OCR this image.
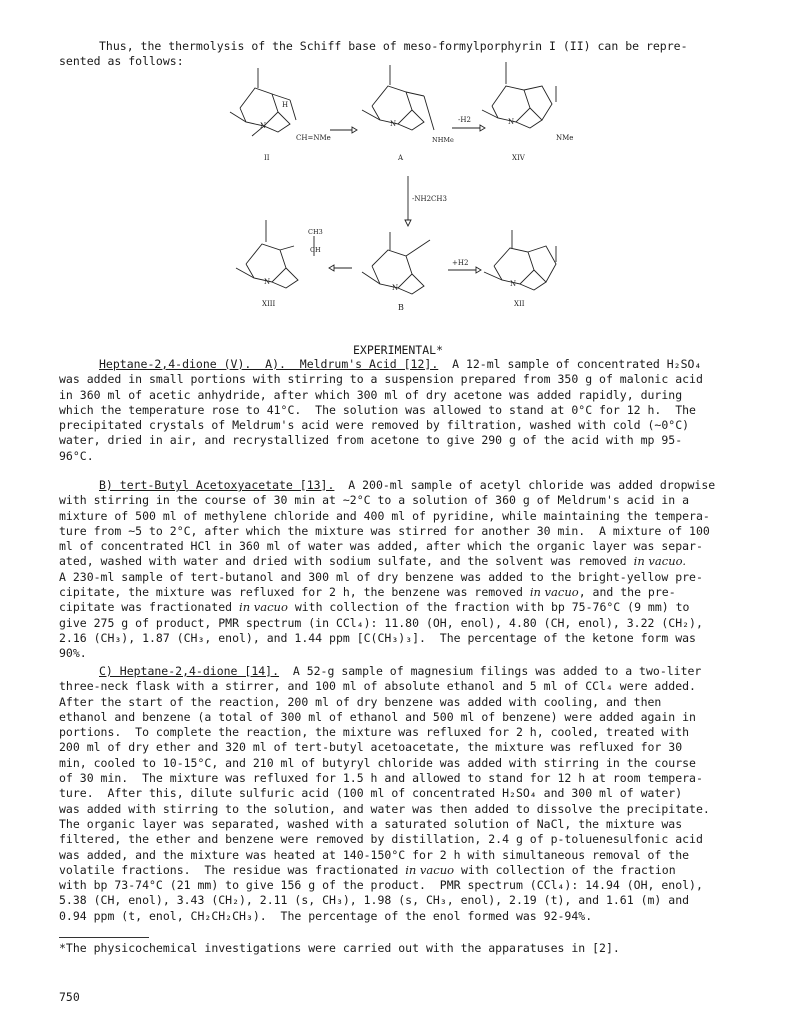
Thus, the thermolysis of the Schiff base of meso-formylporphyrin I (II) can be repre-
sented as follows:
H
N
CH=NMe
II
N
NHMe
A
-H2	N
NMe
XIV
-NH2CH3
CH3
CH
N
XIII
N
B
+H2
N
XII
EXPERIMENTAL*
Heptane-2,4-dione (V).  A).  Meldrum's Acid [12].  A 12-ml sample of concentrated H₂SO₄
was added in small portions with stirring to a suspension prepared from 350 g of malonic acid
in 360 ml of acetic anhydride, after which 300 ml of dry acetone was added rapidly, during
which the temperature rose to 41°C.  The solution was allowed to stand at 0°C for 12 h.  The
precipitated crystals of Meldrum's acid were removed by filtration, washed with cold (~0°C)
water, dried in air, and recrystallized from acetone to give 290 g of the acid with mp 95-
96°C.
B) tert-Butyl Acetoxyacetate [13].  A 200-ml sample of acetyl chloride was added dropwise
with stirring in the course of 30 min at ~2°C to a solution of 360 g of Meldrum's acid in a
mixture of 500 ml of methylene chloride and 400 ml of pyridine, while maintaining the tempera-
ture from ~5 to 2°C, after which the mixture was stirred for another 30 min.  A mixture of 100
ml of concentrated HCl in 360 ml of water was added, after which the organic layer was separ-
ated, washed with water and dried with sodium sulfate, and the solvent was removed in vacuo.
A 230-ml sample of tert-butanol and 300 ml of dry benzene was added to the bright-yellow pre-
cipitate, the mixture was refluxed for 2 h, the benzene was removed in vacuo, and the pre-
cipitate was fractionated in vacuo with collection of the fraction with bp 75-76°C (9 mm) to
give 275 g of product, PMR spectrum (in CCl₄): 11.80 (OH, enol), 4.80 (CH, enol), 3.22 (CH₂),
2.16 (CH₃), 1.87 (CH₃, enol), and 1.44 ppm [C(CH₃)₃].  The percentage of the ketone form was
90%.
C) Heptane-2,4-dione [14].  A 52-g sample of magnesium filings was added to a two-liter
three-neck flask with a stirrer, and 100 ml of absolute ethanol and 5 ml of CCl₄ were added.
After the start of the reaction, 200 ml of dry benzene was added with cooling, and then
ethanol and benzene (a total of 300 ml of ethanol and 500 ml of benzene) were added again in
portions.  To complete the reaction, the mixture was refluxed for 2 h, cooled, treated with
200 ml of dry ether and 320 ml of tert-butyl acetoacetate, the mixture was refluxed for 30
min, cooled to 10-15°C, and 210 ml of butyryl chloride was added with stirring in the course
of 30 min.  The mixture was refluxed for 1.5 h and allowed to stand for 12 h at room tempera-
ture.  After this, dilute sulfuric acid (100 ml of concentrated H₂SO₄ and 300 ml of water)
was added with stirring to the solution, and water was then added to dissolve the precipitate.
The organic layer was separated, washed with a saturated solution of NaCl, the mixture was
filtered, the ether and benzene were removed by distillation, 2.4 g of p-toluenesulfonic acid
was added, and the mixture was heated at 140-150°C for 2 h with simultaneous removal of the
volatile fractions.  The residue was fractionated in vacuo with collection of the fraction
with bp 73-74°C (21 mm) to give 156 g of the product.  PMR spectrum (CCl₄): 14.94 (OH, enol),
5.38 (CH, enol), 3.43 (CH₂), 2.11 (s, CH₃), 1.98 (s, CH₃, enol), 2.19 (t), and 1.61 (m) and
0.94 ppm (t, enol, CH₂CH₂CH₃).  The percentage of the enol formed was 92-94%.
*The physicochemical investigations were carried out with the apparatuses in [2].
750
